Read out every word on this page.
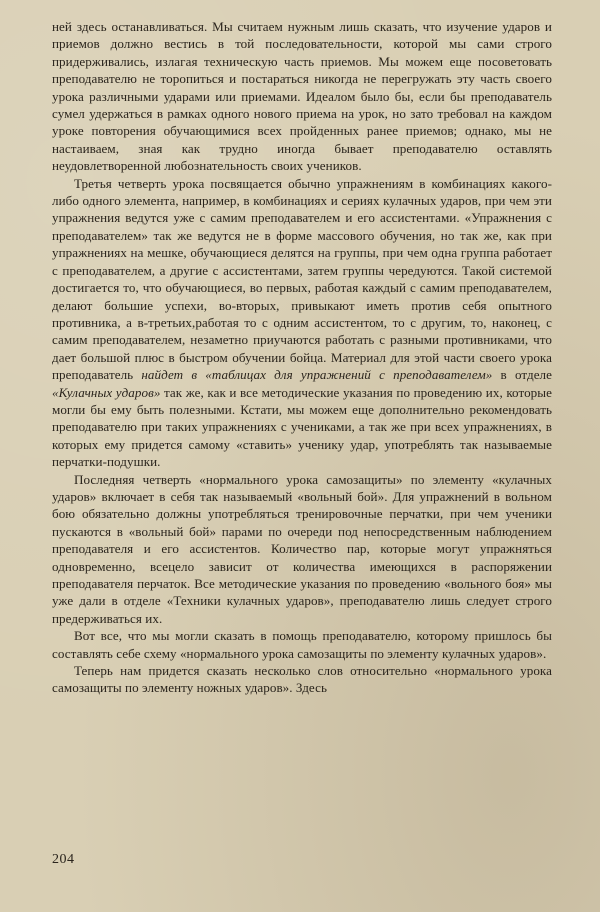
ней здесь останавливаться. Мы считаем нужным лишь сказать, что изучение ударов и приемов должно вестись в той последовательности, которой мы сами строго придерживались, излагая техническую часть приемов. Мы можем еще посоветовать преподавателю не торопиться и постараться никогда не перегружать эту часть своего урока различными ударами или приемами. Идеалом было бы, если бы преподаватель сумел удержаться в рамках одного нового приема на урок, но зато требовал на каждом уроке повторения обучающимися всех пройденных ранее приемов; однако, мы не настаиваем, зная как трудно иногда бывает преподавателю оставлять неудовлетворенной любознательность своих учеников.

Третья четверть урока посвящается обычно упражнениям в комбинациях какого-либо одного элемента, например, в комбинациях и сериях кулачных ударов, при чем эти упражнения ведутся уже с самим преподавателем и его ассистентами. «Упражнения с преподавателем» так же ведутся не в форме массового обучения, но так же, как при упражнениях на мешке, обучающиеся делятся на группы, при чем одна группа работает с преподавателем, а другие с ассистентами, затем группы чередуются. Такой системой достигается то, что обучающиеся, во первых, работая каждый с самим преподавателем, делают большие успехи, во-вторых, привыкают иметь против себя опытного противника, а в-третьих,работая то с одним ассистентом, то с другим, то, наконец, с самим преподавателем, незаметно приучаются работать с разными противниками, что дает большой плюс в быстром обучении бойца. Материал для этой части своего урока преподаватель найдет в «таблицах для упражнений с преподавателем» в отделе «Кулачных ударов» так же, как и все методические указания по проведению их, которые могли бы ему быть полезными. Кстати, мы можем еще дополнительно рекомендовать преподавателю при таких упражнениях с учениками, а так же при всех упражнениях, в которых ему придется самому «ставить» ученику удар, употреблять так называемые перчатки-подушки.

Последняя четверть «нормального урока самозащиты» по элементу «кулачных ударов» включает в себя так называемый «вольный бой». Для упражнений в вольном бою обязательно должны употребляться тренировочные перчатки, при чем ученики пускаются в «вольный бой» парами по очереди под непосредственным наблюдением преподавателя и его ассистентов. Количество пар, которые могут упражняться одновременно, всецело зависит от количества имеющихся в распоряжении преподавателя перчаток. Все методические указания по проведению «вольного боя» мы уже дали в отделе «Техники кулачных ударов», преподавателю лишь следует строго предерживаться их.

Вот все, что мы могли сказать в помощь преподавателю, которому пришлось бы составлять себе схему «нормального урока самозащиты по элементу кулачных ударов».

Теперь нам придется сказать несколько слов относительно «нормального урока самозащиты по элементу ножных ударов». Здесь

204
